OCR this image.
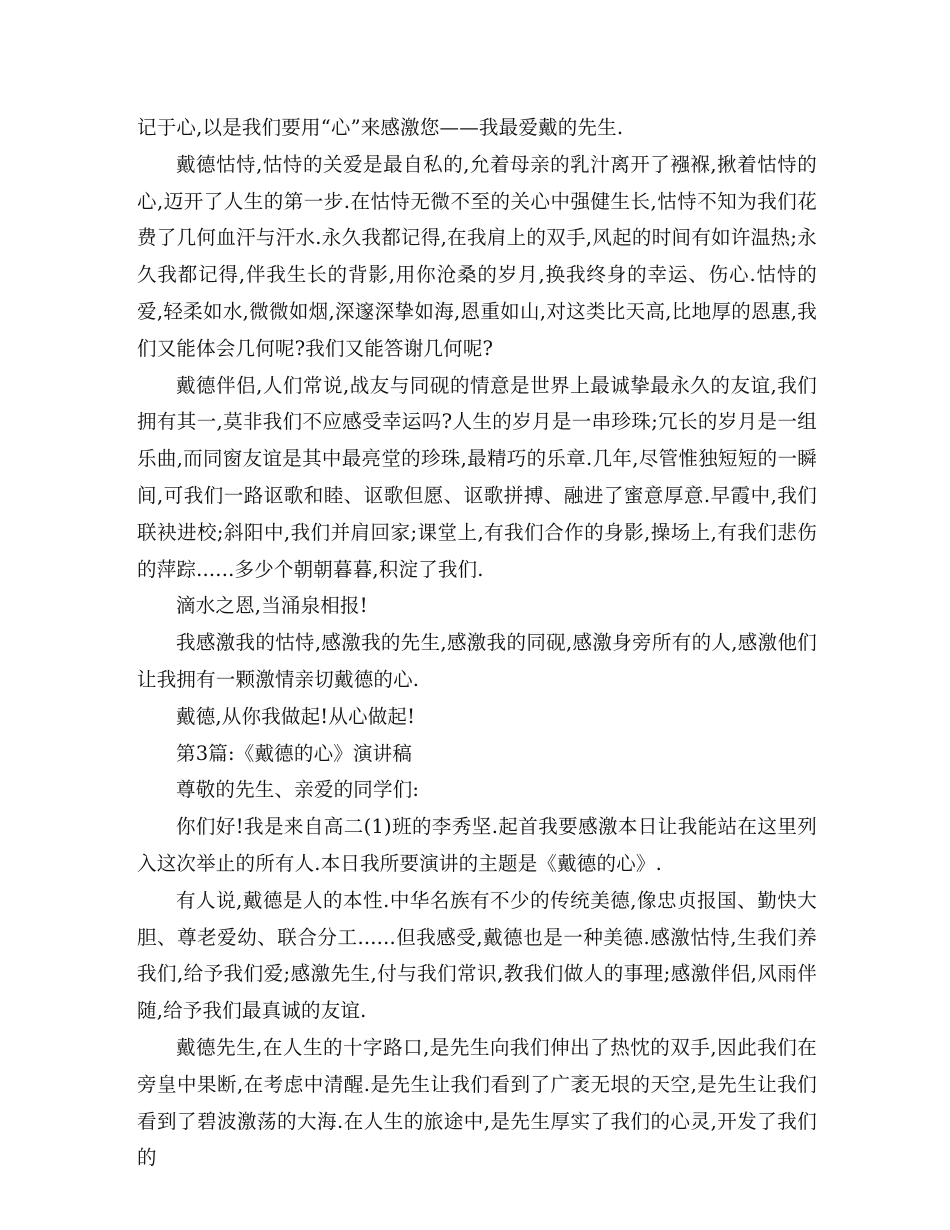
记于心,以是我们要用“心”来感激您——我最爱戴的先生.

戴德怙恃,怙恃的关爱是最自私的,允着母亲的乳汁离开了襁褓,揪着怙恃的心,迈开了人生的第一步.在怙恃无微不至的关心中强健生长,怙恃不知为我们花费了几何血汗与汗水.永久我都记得,在我肩上的双手,风起的时间有如许温热;永久我都记得,伴我生长的背影,用你沧桑的岁月,换我终身的幸运、伤心.怙恃的爱,轻柔如水,微微如烟,深邃深挚如海,恩重如山,对这类比天高,比地厚的恩惠,我们又能体会几何呢?我们又能答谢几何呢?

戴德伴侣,人们常说,战友与同砚的情意是世界上最诚挚最永久的友谊,我们拥有其一,莫非我们不应感受幸运吗?人生的岁月是一串珍珠;冗长的岁月是一组乐曲,而同窗友谊是其中最亮堂的珍珠,最精巧的乐章.几年,尽管惟独短短的一瞬间,可我们一路讴歌和睦、讴歌但愿、讴歌拼搏、融进了蜜意厚意.早霞中,我们联袂进校;斜阳中,我们并肩回家;课堂上,有我们合作的身影,操场上,有我们悲伤的萍踪......多少个朝朝暮暮,积淀了我们.

滴水之恩,当涌泉相报!

我感激我的怙恃,感激我的先生,感激我的同砚,感激身旁所有的人,感激他们让我拥有一颗激情亲切戴德的心.

戴德,从你我做起!从心做起!

第3篇:《戴德的心》演讲稿

尊敬的先生、亲爱的同学们:

你们好!我是来自高二(1)班的李秀坚.起首我要感激本日让我能站在这里列入这次举止的所有人.本日我所要演讲的主题是《戴德的心》.

有人说,戴德是人的本性.中华名族有不少的传统美德,像忠贞报国、勤快大胆、尊老爱幼、联合分工......但我感受,戴德也是一种美德.感激怙恃,生我们养我们,给予我们爱;感激先生,付与我们常识,教我们做人的事理;感激伴侣,风雨伴随,给予我们最真诚的友谊.

戴德先生,在人生的十字路口,是先生向我们伸出了热忱的双手,因此我们在旁皇中果断,在考虑中清醒.是先生让我们看到了广袤无垠的天空,是先生让我们看到了碧波激荡的大海.在人生的旅途中,是先生厚实了我们的心灵,开发了我们的
